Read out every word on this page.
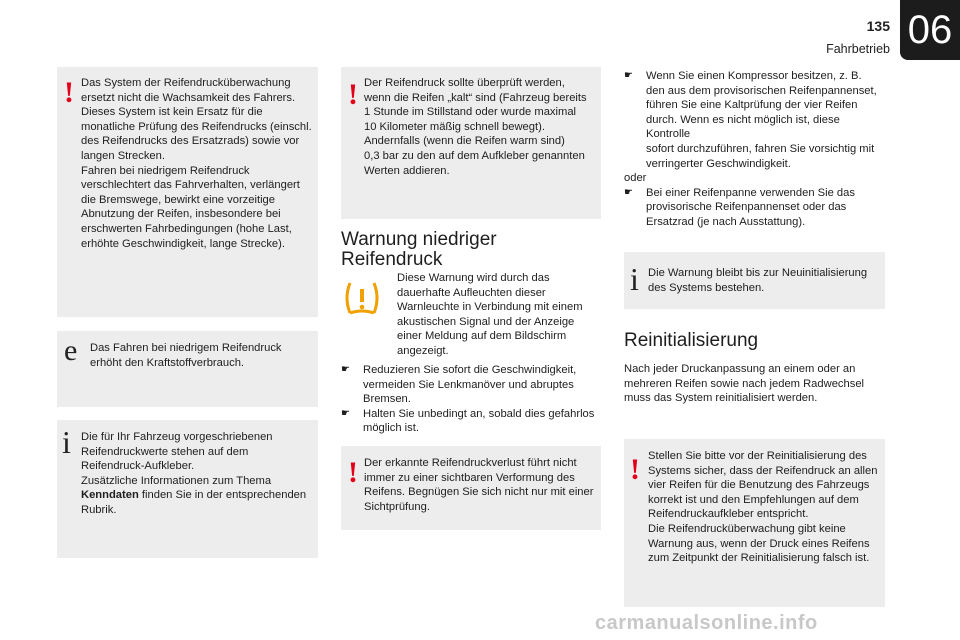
135
Fahrbetrieb 06
! Das System der Reifendrucküberwachung

ersetzt nicht die Wachsamkeit des Fahrers.

Dieses System ist kein Ersatz für die

monatliche Prüfung des Reifendrucks (einschl.

des Reifendrucks des Ersatzrads) sowie vor

langen Strecken.

Fahren bei niedrigem Reifendruck

verschlechtert das Fahrverhalten, verlängert

die Bremswege, bewirkt eine vorzeitige

Abnutzung der Reifen, insbesondere bei

erschwerten Fahrbedingungen (hohe Last,

erhöhte Geschwindigkeit, lange Strecke).

e Das Fahren bei niedrigem Reifendruck

erhöht den Kraftstoffverbrauch.

i Die für Ihr Fahrzeug vorgeschriebenen

Reifendruckwerte stehen auf dem

Reifendruck-Aufkleber.

Zusätzliche Informationen zum Thema

Kenndaten finden Sie in der entsprechenden

Rubrik.

! Der Reifendruck sollte überprüft werden,

wenn die Reifen „kalt“ sind (Fahrzeug bereits

1 Stunde im Stillstand oder wurde maximal

10 Kilometer mäßig schnell bewegt).

Andernfalls (wenn die Reifen warm sind)

0,3 bar zu den auf dem Aufkleber genannten

Werten addieren.

Warnung niedriger
Reifendruck

Diese Warnung wird durch das

dauerhafte Aufleuchten dieser

Warnleuchte in Verbindung mit einem

akustischen Signal und der Anzeige

einer Meldung auf dem Bildschirm

angezeigt.

☛ Reduzieren Sie sofort die Geschwindigkeit,

vermeiden Sie Lenkmanöver und abruptes

Bremsen.

☛ Halten Sie unbedingt an, sobald dies gefahrlos

möglich ist.

! Der erkannte Reifendruckverlust führt nicht

immer zu einer sichtbaren Verformung des

Reifens. Begnügen Sie sich nicht nur mit einer

Sichtprüfung.

☛ Wenn Sie einen Kompressor besitzen, z. B.

den aus dem provisorischen Reifenpannenset,

führen Sie eine Kaltprüfung der vier Reifen

durch. Wenn es nicht möglich ist, diese Kontrolle

sofort durchzuführen, fahren Sie vorsichtig mit

verringerter Geschwindigkeit.

oder

☛ Bei einer Reifenpanne verwenden Sie das

provisorische Reifenpannenset oder das

Ersatzrad (je nach Ausstattung).

i Die Warnung bleibt bis zur Neuinitialisierung

des Systems bestehen.

Reinitialisierung

Nach jeder Druckanpassung an einem oder an

mehreren Reifen sowie nach jedem Radwechsel

muss das System reinitialisiert werden.

! Stellen Sie bitte vor der Reinitialisierung des

Systems sicher, dass der Reifendruck an allen

vier Reifen für die Benutzung des Fahrzeugs

korrekt ist und den Empfehlungen auf dem

Reifendruckaufkleber entspricht.

Die Reifendrucküberwachung gibt keine

Warnung aus, wenn der Druck eines Reifens

zum Zeitpunkt der Reinitialisierung falsch ist.

carmanualsonline.info
